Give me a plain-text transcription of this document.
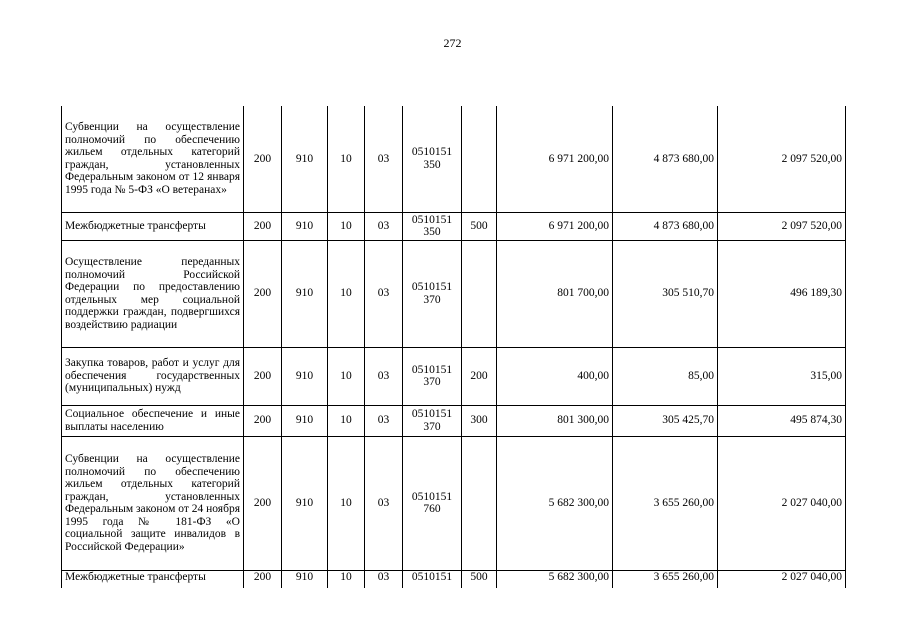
272
Субвенции на осуществление полномочий по обеспечению жильем отдельных категорий граждан, установленных Федеральным законом от 12 января 1995 года № 5-ФЗ «О ветеранах»	200	910	10	03	0510151 350		6 971 200,00	4 873 680,00	2 097 520,00
Межбюджетные трансферты	200	910	10	03	0510151 350	500	6 971 200,00	4 873 680,00	2 097 520,00
Осуществление переданных полномочий Российской Федерации по предоставлению отдельных мер социальной поддержки граждан, подвергшихся воздействию радиации	200	910	10	03	0510151 370		801 700,00	305 510,70	496 189,30
Закупка товаров, работ и услуг для обеспечения государственных (муниципальных) нужд	200	910	10	03	0510151 370	200	400,00	85,00	315,00
Социальное обеспечение и иные выплаты населению	200	910	10	03	0510151 370	300	801 300,00	305 425,70	495 874,30
Субвенции на осуществление полномочий по обеспечению жильем отдельных категорий граждан, установленных Федеральным законом от 24 ноября 1995 года № 181-ФЗ «О социальной защите инвалидов в Российской Федерации»	200	910	10	03	0510151 760		5 682 300,00	3 655 260,00	2 027 040,00
Межбюджетные трансферты	200	910	10	03	0510151	500	5 682 300,00	3 655 260,00	2 027 040,00
